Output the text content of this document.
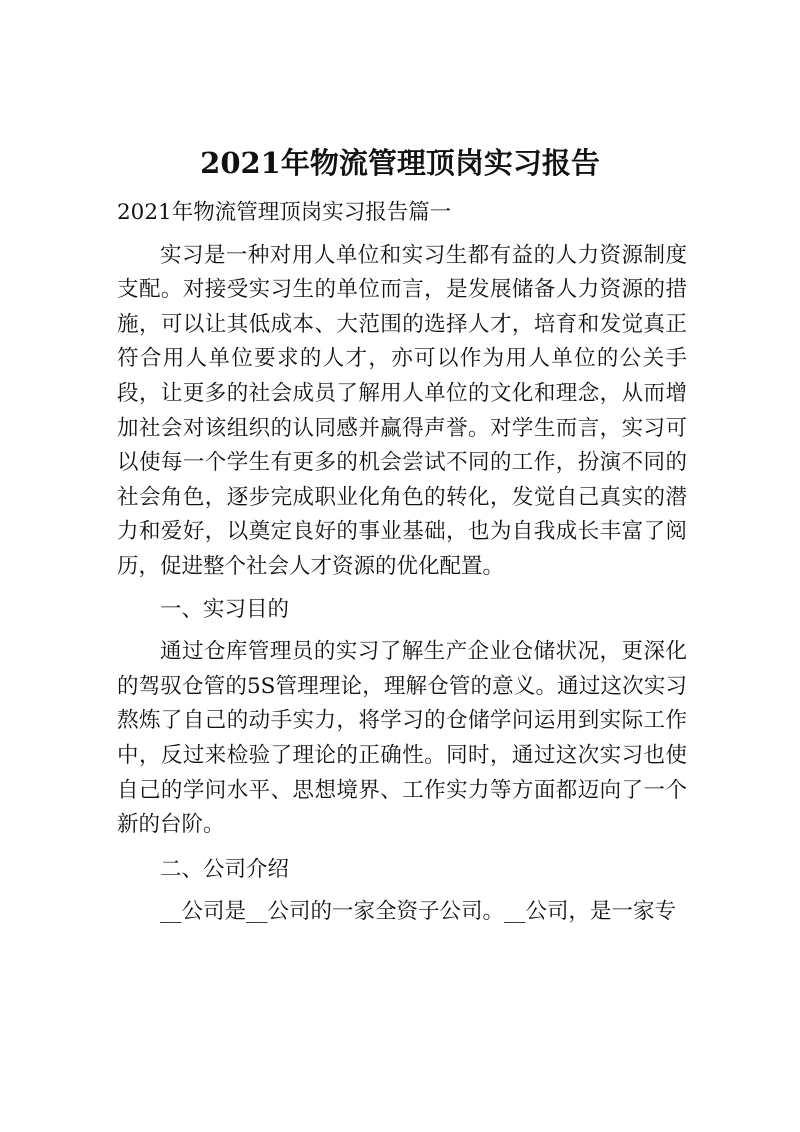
2021年物流管理顶岗实习报告
2021年物流管理顶岗实习报告篇一

实习是一种对用人单位和实习生都有益的人力资源制度支配。对接受实习生的单位而言，是发展储备人力资源的措施，可以让其低成本、大范围的选择人才，培育和发觉真正符合用人单位要求的人才，亦可以作为用人单位的公关手段，让更多的社会成员了解用人单位的文化和理念，从而增加社会对该组织的认同感并赢得声誉。对学生而言，实习可以使每一个学生有更多的机会尝试不同的工作，扮演不同的社会角色，逐步完成职业化角色的转化，发觉自己真实的潜力和爱好，以奠定良好的事业基础，也为自我成长丰富了阅历，促进整个社会人才资源的优化配置。

一、实习目的

通过仓库管理员的实习了解生产企业仓储状况，更深化的驾驭仓管的5S管理理论，理解仓管的意义。通过这次实习熬炼了自己的动手实力，将学习的仓储学问运用到实际工作中，反过来检验了理论的正确性。同时，通过这次实习也使自己的学问水平、思想境界、工作实力等方面都迈向了一个新的台阶。

二、公司介绍

__公司是__公司的一家全资子公司。__公司，是一家专
